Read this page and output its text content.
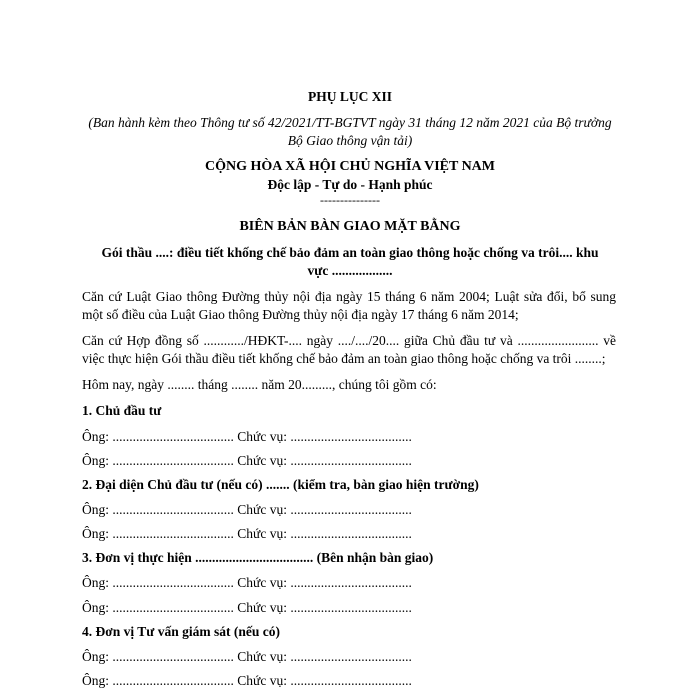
PHỤ LỤC XII
(Ban hành kèm theo Thông tư số 42/2021/TT-BGTVT ngày 31 tháng 12 năm 2021 của Bộ trưởng
Bộ Giao thông vận tải)
CỘNG HÒA XÃ HỘI CHỦ NGHĨA VIỆT NAM
Độc lập - Tự do - Hạnh phúc
---------------
BIÊN BẢN BÀN GIAO MẶT BẰNG
Gói thầu ....: điều tiết khống chế bảo đảm an toàn giao thông hoặc chống va trôi.... khu
vực ..................
Căn cứ Luật Giao thông Đường thủy nội địa ngày 15 tháng 6 năm 2004; Luật sửa đổi, bổ sung
một số điều của Luật Giao thông Đường thủy nội địa ngày 17 tháng 6 năm 2014;
Căn cứ Hợp đồng số ............/HĐKT-.... ngày ..../..../20.... giữa Chủ đầu tư và ........................ về
việc thực hiện Gói thầu điều tiết khống chế bảo đảm an toàn giao thông hoặc chống va trôi ........;
Hôm nay, ngày ........ tháng ........ năm 20........., chúng tôi gồm có:
1. Chủ đầu tư
Ông: .................................... Chức vụ: ....................................
Ông: .................................... Chức vụ: ....................................
2. Đại diện Chủ đầu tư (nếu có) ....... (kiểm tra, bàn giao hiện trường)
Ông: .................................... Chức vụ: ....................................
Ông: .................................... Chức vụ: ....................................
3. Đơn vị thực hiện ................................... (Bên nhận bàn giao)
Ông: .................................... Chức vụ: ....................................
Ông: .................................... Chức vụ: ....................................
4. Đơn vị Tư vấn giám sát (nếu có)
Ông: .................................... Chức vụ: ....................................
Ông: .................................... Chức vụ: ....................................
